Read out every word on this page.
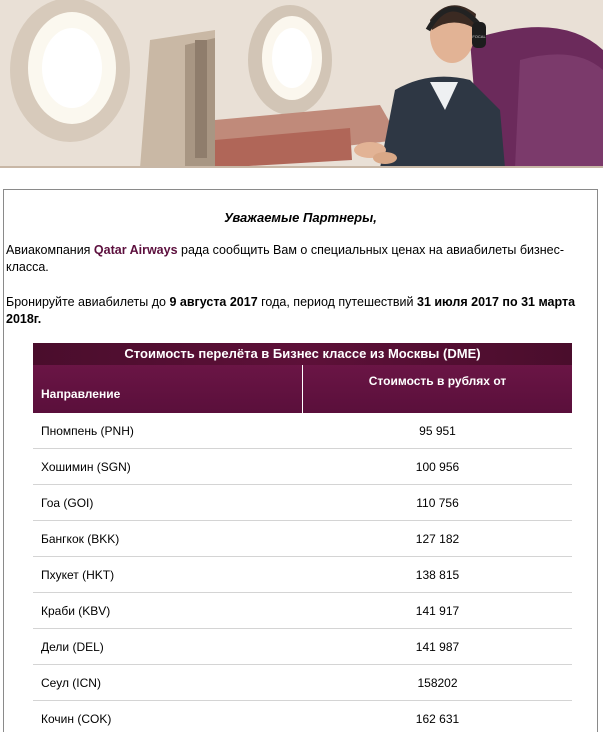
FOCAL
Уважаемые Партнеры,
Авиакомпания Qatar Airways рада сообщить Вам о специальных ценах на авиабилеты бизнес-класса.
Бронируйте авиабилеты до 9 августа 2017 года, период путешествий 31 июля 2017 по 31 марта 2018г.
Стоимость перелёта в Бизнес классе из Москвы (DME)
Направление
Стоимость в рублях от
Пномпень (PNH)	95 951
Хошимин (SGN)	100 956
Гоа (GOI)	110 756
Бангкок (BKK)	127 182
Пхукет (HKT)	138 815
Краби (KBV)	141 917
Дели (DEL)	141 987
Сеул (ICN)	158202
Кочин (COK)	162 631
